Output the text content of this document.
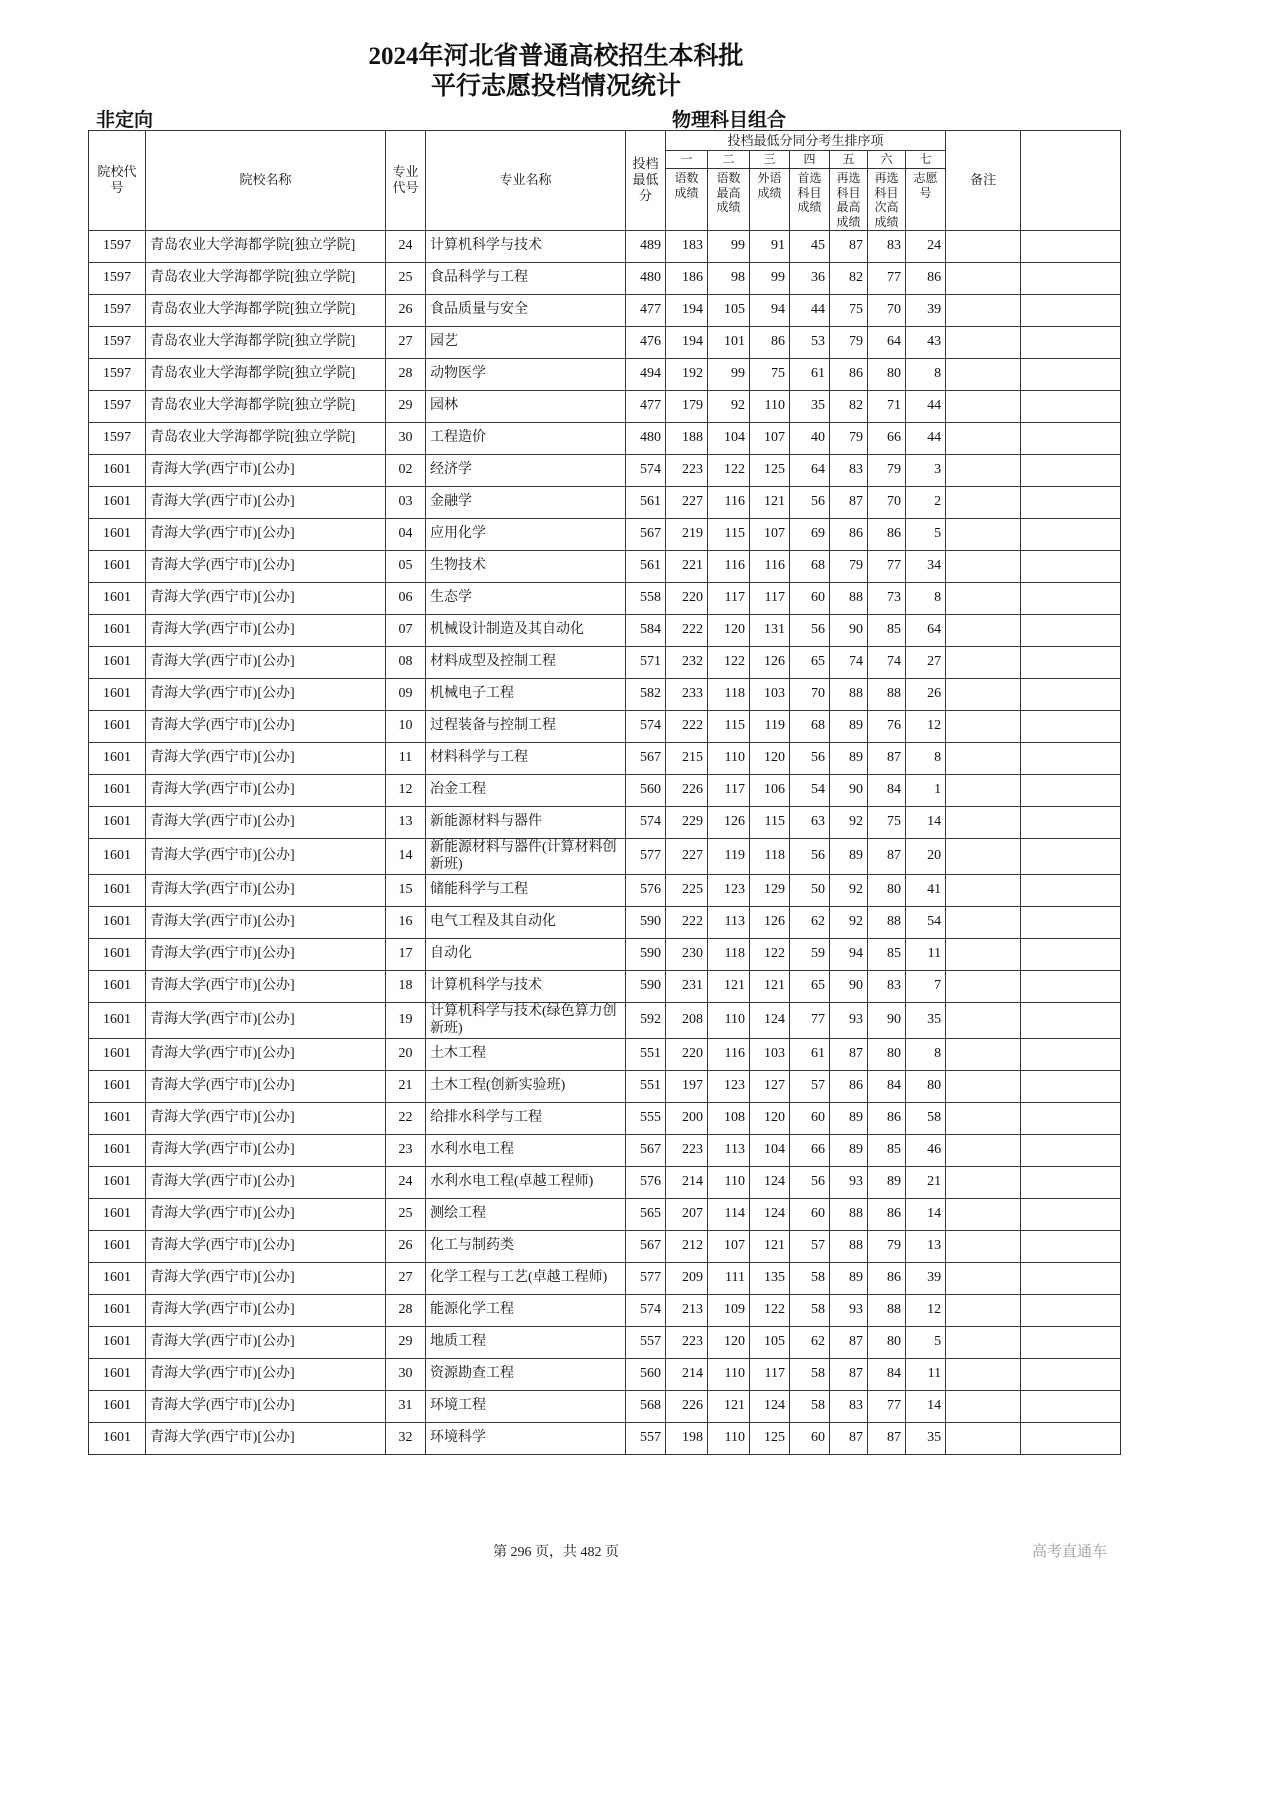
2024年河北省普通高校招生本科批
平行志愿投档情况统计
非定向	物理科目组合
院校代号	院校名称	专业代号	专业名称	投档最低分	投档最低分同分考生排序项							备注	
					一	二	三	四	五	六	七		
					语数成绩	语数最高成绩	外语成绩	首选科目成绩	再选科目最高成绩	再选科目次高成绩	志愿号		
1597	青岛农业大学海都学院[独立学院]	24	计算机科学与技术	489	183	99	91	45	87	83	24		
1597	青岛农业大学海都学院[独立学院]	25	食品科学与工程	480	186	98	99	36	82	77	86		
1597	青岛农业大学海都学院[独立学院]	26	食品质量与安全	477	194	105	94	44	75	70	39		
1597	青岛农业大学海都学院[独立学院]	27	园艺	476	194	101	86	53	79	64	43		
1597	青岛农业大学海都学院[独立学院]	28	动物医学	494	192	99	75	61	86	80	8		
1597	青岛农业大学海都学院[独立学院]	29	园林	477	179	92	110	35	82	71	44		
1597	青岛农业大学海都学院[独立学院]	30	工程造价	480	188	104	107	40	79	66	44		
1601	青海大学(西宁市)[公办]	02	经济学	574	223	122	125	64	83	79	3		
1601	青海大学(西宁市)[公办]	03	金融学	561	227	116	121	56	87	70	2		
1601	青海大学(西宁市)[公办]	04	应用化学	567	219	115	107	69	86	86	5		
1601	青海大学(西宁市)[公办]	05	生物技术	561	221	116	116	68	79	77	34		
1601	青海大学(西宁市)[公办]	06	生态学	558	220	117	117	60	88	73	8		
1601	青海大学(西宁市)[公办]	07	机械设计制造及其自动化	584	222	120	131	56	90	85	64		
1601	青海大学(西宁市)[公办]	08	材料成型及控制工程	571	232	122	126	65	74	74	27		
1601	青海大学(西宁市)[公办]	09	机械电子工程	582	233	118	103	70	88	88	26		
1601	青海大学(西宁市)[公办]	10	过程装备与控制工程	574	222	115	119	68	89	76	12		
1601	青海大学(西宁市)[公办]	11	材料科学与工程	567	215	110	120	56	89	87	8		
1601	青海大学(西宁市)[公办]	12	冶金工程	560	226	117	106	54	90	84	1		
1601	青海大学(西宁市)[公办]	13	新能源材料与器件	574	229	126	115	63	92	75	14		
1601	青海大学(西宁市)[公办]	14	新能源材料与器件(计算材料创新班)	577	227	119	118	56	89	87	20		
1601	青海大学(西宁市)[公办]	15	储能科学与工程	576	225	123	129	50	92	80	41		
1601	青海大学(西宁市)[公办]	16	电气工程及其自动化	590	222	113	126	62	92	88	54		
1601	青海大学(西宁市)[公办]	17	自动化	590	230	118	122	59	94	85	11		
1601	青海大学(西宁市)[公办]	18	计算机科学与技术	590	231	121	121	65	90	83	7		
1601	青海大学(西宁市)[公办]	19	计算机科学与技术(绿色算力创新班)	592	208	110	124	77	93	90	35		
1601	青海大学(西宁市)[公办]	20	土木工程	551	220	116	103	61	87	80	8		
1601	青海大学(西宁市)[公办]	21	土木工程(创新实验班)	551	197	123	127	57	86	84	80		
1601	青海大学(西宁市)[公办]	22	给排水科学与工程	555	200	108	120	60	89	86	58		
1601	青海大学(西宁市)[公办]	23	水利水电工程	567	223	113	104	66	89	85	46		
1601	青海大学(西宁市)[公办]	24	水利水电工程(卓越工程师)	576	214	110	124	56	93	89	21		
1601	青海大学(西宁市)[公办]	25	测绘工程	565	207	114	124	60	88	86	14		
1601	青海大学(西宁市)[公办]	26	化工与制药类	567	212	107	121	57	88	79	13		
1601	青海大学(西宁市)[公办]	27	化学工程与工艺(卓越工程师)	577	209	111	135	58	89	86	39		
1601	青海大学(西宁市)[公办]	28	能源化学工程	574	213	109	122	58	93	88	12		
1601	青海大学(西宁市)[公办]	29	地质工程	557	223	120	105	62	87	80	5		
1601	青海大学(西宁市)[公办]	30	资源勘查工程	560	214	110	117	58	87	84	11		
1601	青海大学(西宁市)[公办]	31	环境工程	568	226	121	124	58	83	77	14		
1601	青海大学(西宁市)[公办]	32	环境科学	557	198	110	125	60	87	87	35		
第 296 页，共 482 页	高考直通车
